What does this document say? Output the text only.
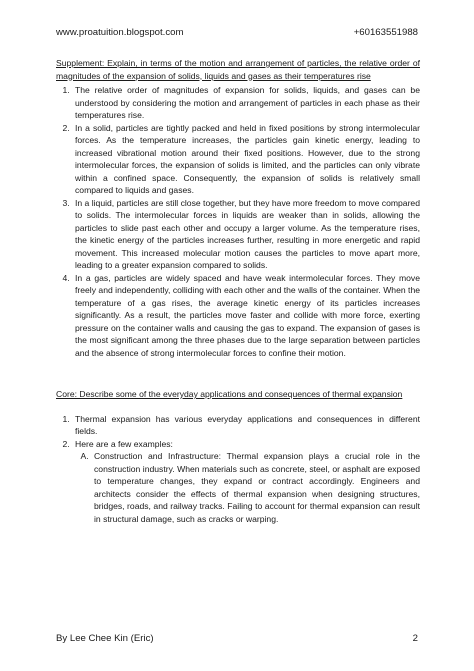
www.proatuition.blogspot.com	+60163551988
Supplement: Explain, in terms of the motion and arrangement of particles, the relative order of magnitudes of the expansion of solids, liquids and gases as their temperatures rise
1. The relative order of magnitudes of expansion for solids, liquids, and gases can be understood by considering the motion and arrangement of particles in each phase as their temperatures rise.
2. In a solid, particles are tightly packed and held in fixed positions by strong intermolecular forces. As the temperature increases, the particles gain kinetic energy, leading to increased vibrational motion around their fixed positions. However, due to the strong intermolecular forces, the expansion of solids is limited, and the particles can only vibrate within a confined space. Consequently, the expansion of solids is relatively small compared to liquids and gases.
3. In a liquid, particles are still close together, but they have more freedom to move compared to solids. The intermolecular forces in liquids are weaker than in solids, allowing the particles to slide past each other and occupy a larger volume. As the temperature rises, the kinetic energy of the particles increases further, resulting in more energetic and rapid movement. This increased molecular motion causes the particles to move apart more, leading to a greater expansion compared to solids.
4. In a gas, particles are widely spaced and have weak intermolecular forces. They move freely and independently, colliding with each other and the walls of the container. When the temperature of a gas rises, the average kinetic energy of its particles increases significantly. As a result, the particles move faster and collide with more force, exerting pressure on the container walls and causing the gas to expand. The expansion of gases is the most significant among the three phases due to the large separation between particles and the absence of strong intermolecular forces to confine their motion.
Core: Describe some of the everyday applications and consequences of thermal expansion
1. Thermal expansion has various everyday applications and consequences in different fields.
2. Here are a few examples:
A. Construction and Infrastructure: Thermal expansion plays a crucial role in the construction industry. When materials such as concrete, steel, or asphalt are exposed to temperature changes, they expand or contract accordingly. Engineers and architects consider the effects of thermal expansion when designing structures, bridges, roads, and railway tracks. Failing to account for thermal expansion can result in structural damage, such as cracks or warping.
By Lee Chee Kin (Eric)	2
